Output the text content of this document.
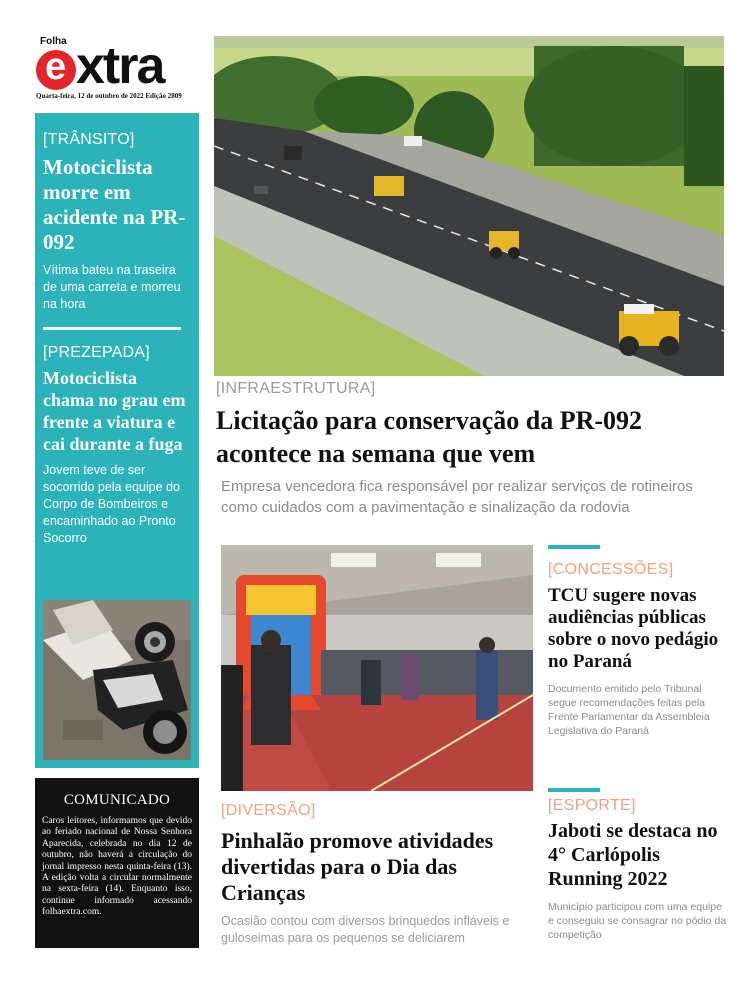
Folha
e xtra
Quarta-feira, 12 de outubro de 2022 Edição 2809
[TRÂNSITO]
Motociclista morre em acidente na PR-092
Vítima bateu na traseira de uma carreta e morreu na hora
[PREZEPADA]
Motociclista chama no grau em frente a viatura e cai durante a fuga
Jovem teve de ser socorrido pela equipe do Corpo de Bombeiros e encaminhado ao Pronto Socorro
COMUNICADO
Caros leitores, informamos que devido ao feriado nacional de Nossa Senhora Aparecida, celebrada no dia 12 de outubro, não haverá a circulação do jornal impresso nesta quinta-feira (13). A edição volta a circular normalmente na sexta-feira (14). Enquanto isso, continue informado acessando folhaextra.com.
[INFRAESTRUTURA]
Licitação para conservação da PR-092 acontece na semana que vem
Empresa vencedora fica responsável por realizar serviços de rotineiros como cuidados com a pavimentação e sinalização da rodovia
[DIVERSÃO]
Pinhalão promove atividades divertidas para o Dia das Crianças
Ocasião contou com diversos brinquedos infláveis e guloseimas para os pequenos se deliciarem
[CONCESSÕES]
TCU sugere novas audiências públicas sobre o novo pedágio no Paraná
Documento emitido pelo Tribunal segue recomendações feitas pela Frente Parlamentar da Assembleia Legislativa do Paraná
[ESPORTE]
Jaboti se destaca no 4° Carlópolis Running 2022
Município participou com uma equipe e conseguiu se consagrar no pódio da competição
